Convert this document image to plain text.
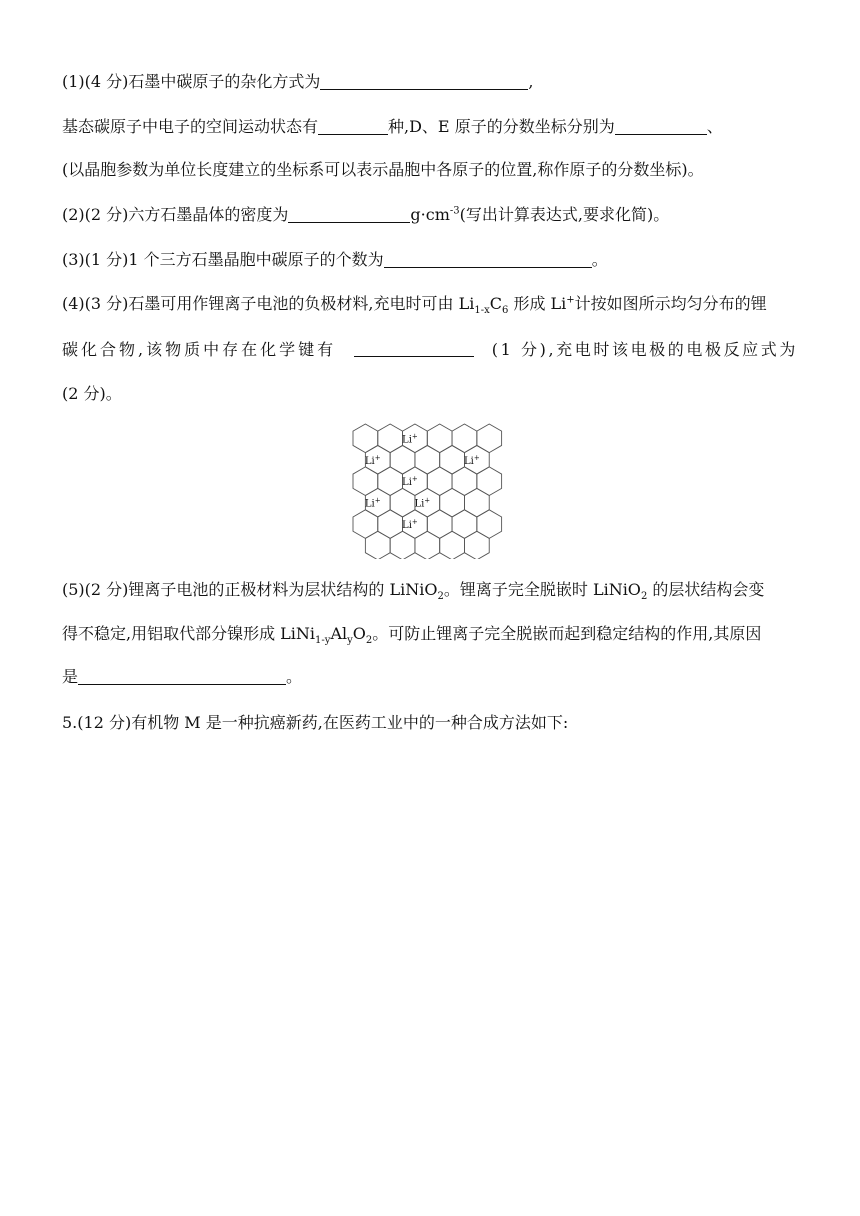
(1)(4 分)石墨中碳原子的杂化方式为	,
基态碳原子中电子的空间运动状态有	种,D、E 原子的分数坐标分别为	、
(以晶胞参数为单位长度建立的坐标系可以表示晶胞中各原子的位置,称作原子的分数坐标)。
(2)(2 分)六方石墨晶体的密度为	$g\cdot cm^{-3}$(写出计算表达式,要求化简)。
(3)(1 分)1 个三方石墨晶胞中碳原子的个数为	。
(4)(3 分)石墨可用作锂离子电池的负极材料,充电时可由 $Li_{1-x}C_6$ 形成 Li+计按如图所示均匀分布的锂
碳化合物,该物质中存在化学键有	(1 分),充电时该电极的电极反应式为
(2 分)。
Li+
Li+	Li+
Li+
Li+	Li+
Li+
(5)(2 分)锂离子电池的正极材料为层状结构的 LiNiO$_2$。锂离子完全脱嵌时 LiNiO$_2$ 的层状结构会变
得不稳定,用铝取代部分镍形成 $LiNi_{1-y}Al_yO_2$。可防止锂离子完全脱嵌而起到稳定结构的作用,其原因
是	。
5.(12 分)有机物 M 是一种抗癌新药,在医药工业中的一种合成方法如下:
